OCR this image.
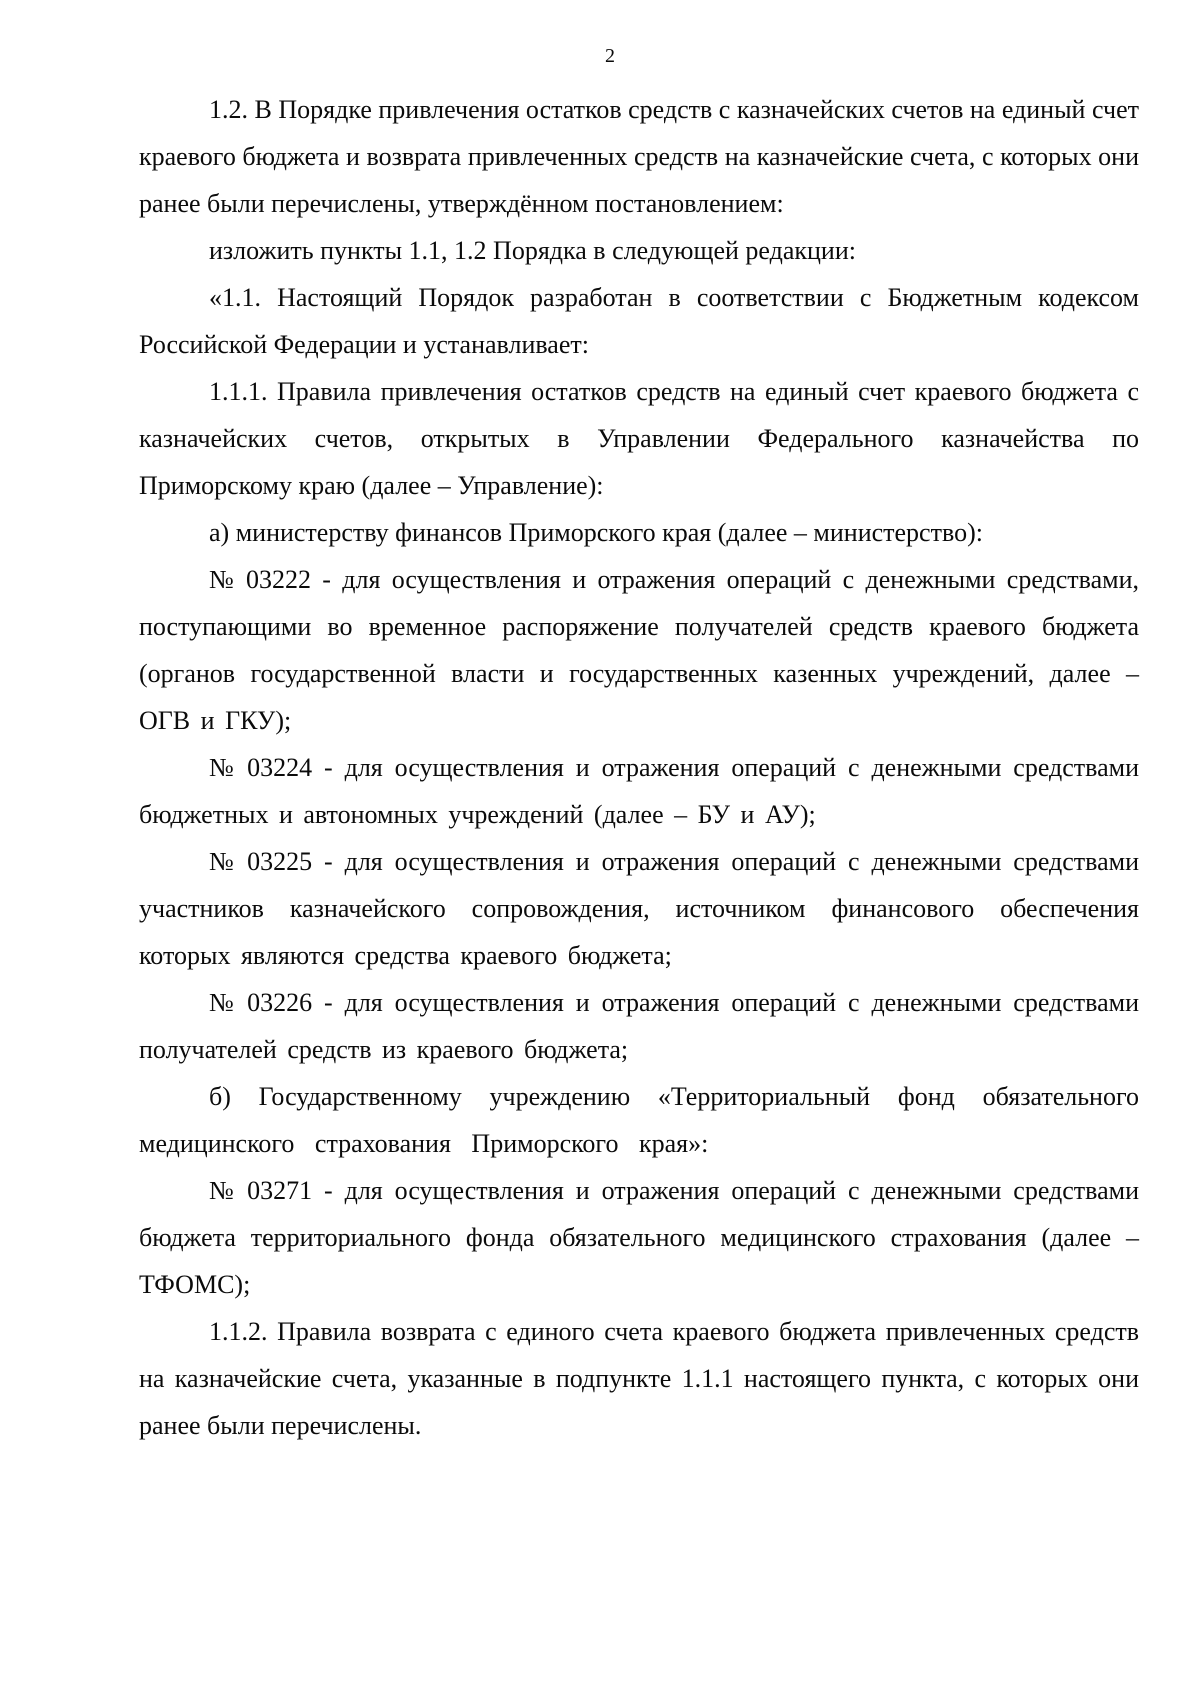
2

1.2. В Порядке привлечения остатков средств с казначейских счетов на единый счет краевого бюджета и возврата привлеченных средств на казначейские счета, с которых они ранее были перечислены, утверждённом постановлением:

изложить пункты 1.1, 1.2 Порядка в следующей редакции:

«1.1. Настоящий Порядок разработан в соответствии с Бюджетным кодексом Российской Федерации и устанавливает:

1.1.1. Правила привлечения остатков средств на единый счет краевого бюджета с казначейских счетов, открытых в Управлении Федерального казначейства по Приморскому краю (далее – Управление):

а) министерству финансов Приморского края (далее – министерство):

№ 03222 - для осуществления и отражения операций с денежными средствами, поступающими во временное распоряжение получателей средств краевого бюджета (органов государственной власти и государственных казенных учреждений, далее – ОГВ и ГКУ);

№ 03224 - для осуществления и отражения операций с денежными средствами бюджетных и автономных учреждений (далее – БУ и АУ);

№ 03225 - для осуществления и отражения операций с денежными средствами участников казначейского сопровождения, источником финансового обеспечения которых являются средства краевого бюджета;

№ 03226 - для осуществления и отражения операций с денежными средствами получателей средств из краевого бюджета;

б) Государственному учреждению «Территориальный фонд обязательного медицинского страхования Приморского края»:

№ 03271 - для осуществления и отражения операций с денежными средствами бюджета территориального фонда обязательного медицинского страхования (далее – ТФОМС);

1.1.2. Правила возврата с единого счета краевого бюджета привлеченных средств на казначейские счета, указанные в подпункте 1.1.1 настоящего пункта, с которых они ранее были перечислены.
